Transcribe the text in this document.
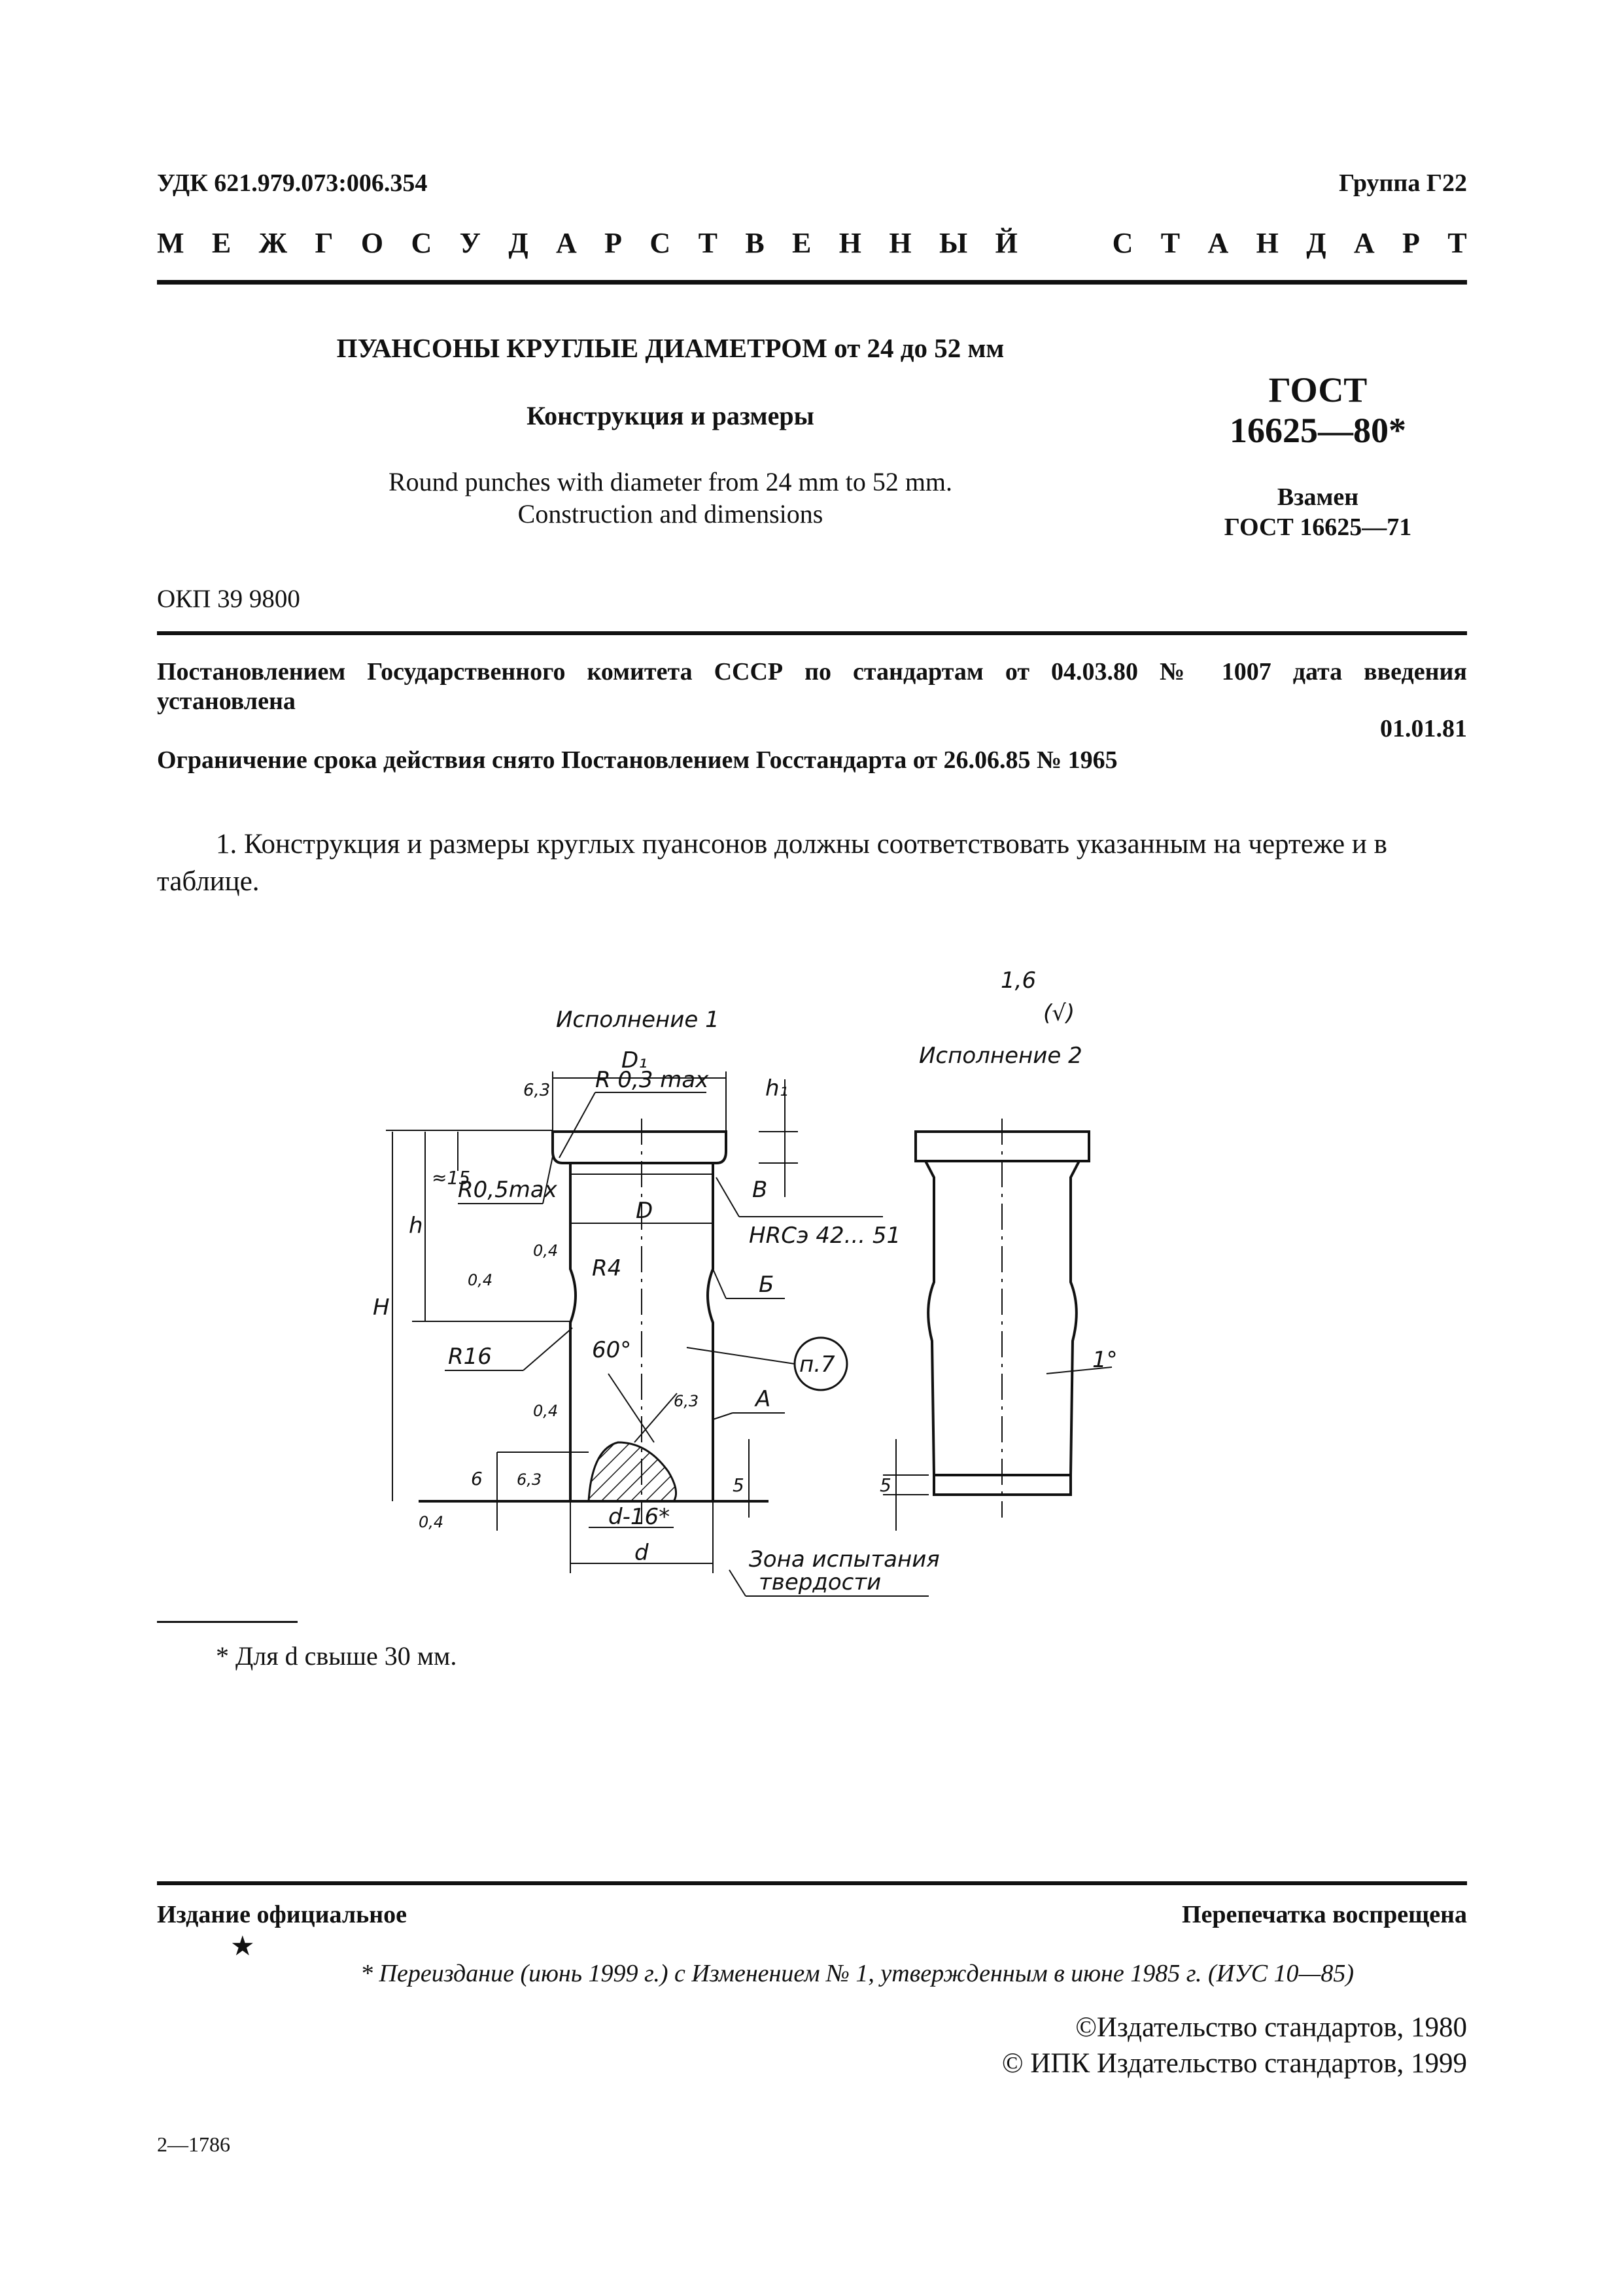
УДК 621.979.073:006.354	Группа Г22
М Е Ж Г О С У Д А Р С Т В Е Н Н Ы Й	С Т А Н Д А Р Т
ПУАНСОНЫ КРУГЛЫЕ ДИАМЕТРОМ от 24 до 52 мм
Конструкция и размеры
Round punches with diameter from 24 mm to 52 mm.
Construction and dimensions
ГОСТ
16625—80*
Взамен
ГОСТ 16625—71
ОКП 39 9800
Постановлением Государственного комитета СССР по стандартам от 04.03.80 № 1007 дата введения
установлена
01.01.81
Ограничение срока действия снято Постановлением Госстандарта от 26.06.85 № 1965
1. Конструкция и размеры круглых пуансонов должны соответствовать указанным на чертеже и в таблице.
Исполнение 1
Исполнение 2
1,6
(√)
D₁
R 0,3 max	h₁
6,3
≈15
R0,5max	B
D
HRCэ 42... 51
h
H
0,4
0,4	R4
Б
R16	п.7
60°
6,3	A
0,4
6 6,3	5
0,4	d-16*
d	Зона испытания
твердости
5
1°
* Для d свыше 30 мм.
Издание официальное
★
Перепечатка воспрещена
* Переиздание (июнь 1999 г.) с Изменением № 1, утвержденным в июне 1985 г. (ИУС 10—85)
©Издательство стандартов, 1980
© ИПК Издательство стандартов, 1999
2—1786
